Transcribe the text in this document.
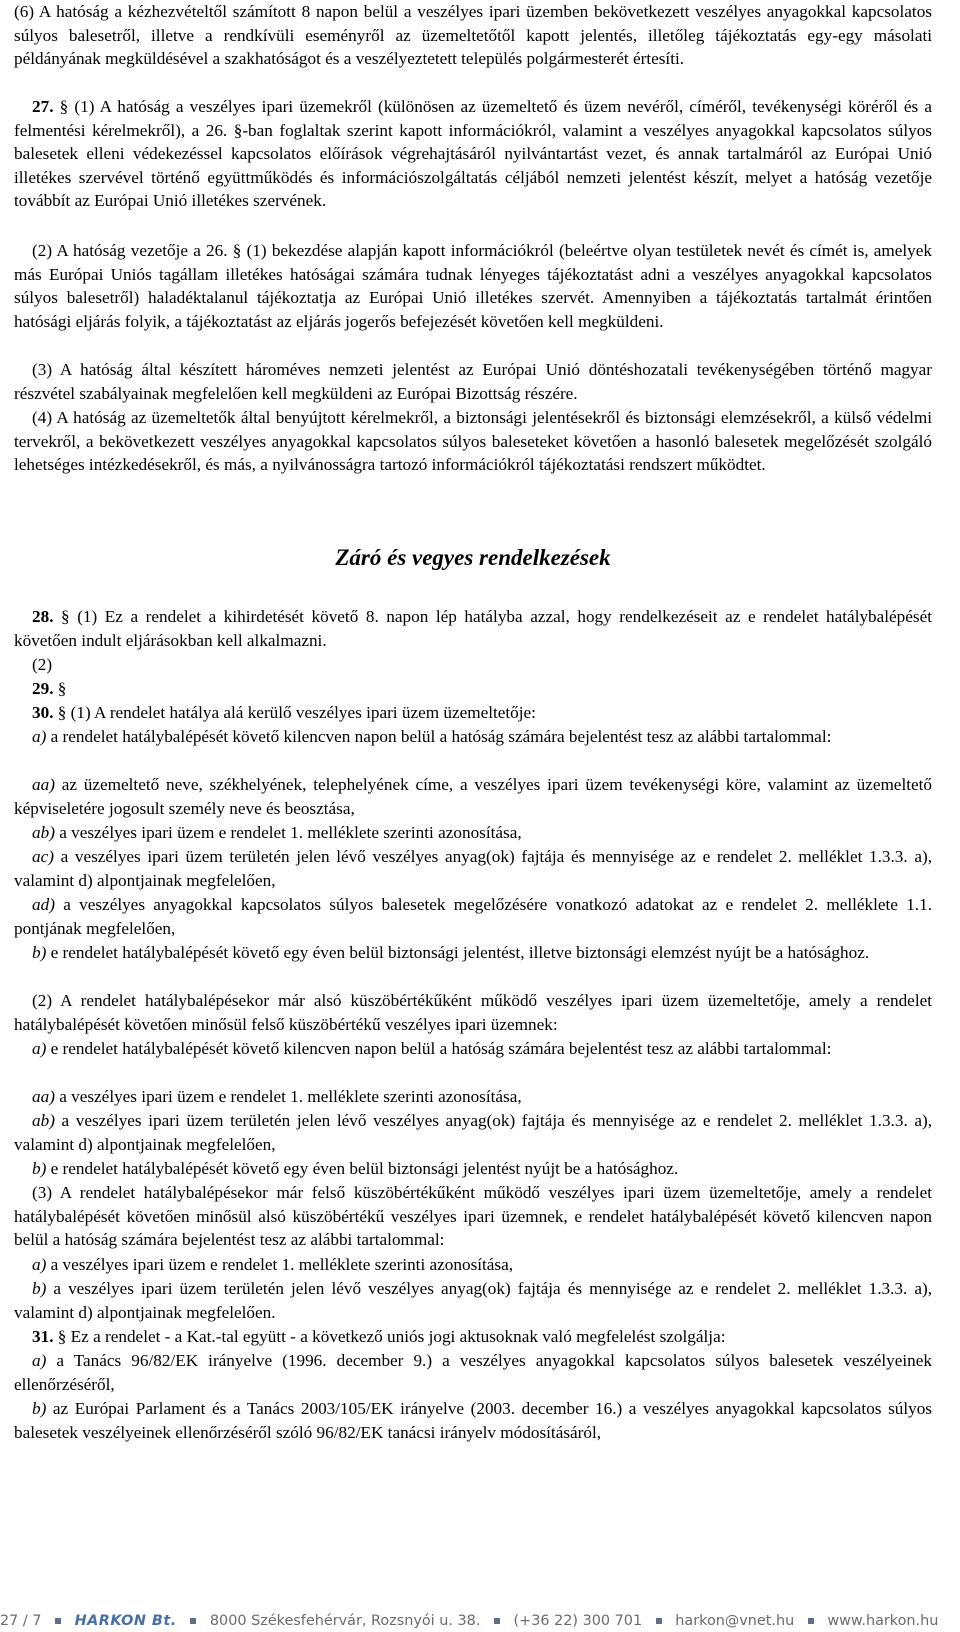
(6) A hatóság a kézhezvételtől számított 8 napon belül a veszélyes ipari üzemben bekövetkezett veszélyes anyagokkal kapcsolatos súlyos balesetről, illetve a rendkívüli eseményről az üzemeltetőtől kapott jelentés, illetőleg tájékoztatás egy-egy másolati példányának megküldésével a szakhatóságot és a veszélyeztetett település polgármesterét értesíti.

27. § (1) A hatóság a veszélyes ipari üzemekről (különösen az üzemeltető és üzem nevéről, címéről, tevékenységi köréről és a felmentési kérelmekről), a 26. §-ban foglaltak szerint kapott információkról, valamint a veszélyes anyagokkal kapcsolatos súlyos balesetek elleni védekezéssel kapcsolatos előírások végrehajtásáról nyilvántartást vezet, és annak tartalmáról az Európai Unió illetékes szervével történő együttműködés és információszolgáltatás céljából nemzeti jelentést készít, melyet a hatóság vezetője továbbít az Európai Unió illetékes szervének.

(2) A hatóság vezetője a 26. § (1) bekezdése alapján kapott információkról (beleértve olyan testületek nevét és címét is, amelyek más Európai Uniós tagállam illetékes hatóságai számára tudnak lényeges tájékoztatást adni a veszélyes anyagokkal kapcsolatos súlyos balesetről) haladéktalanul tájékoztatja az Európai Unió illetékes szervét. Amennyiben a tájékoztatás tartalmát érintően hatósági eljárás folyik, a tájékoztatást az eljárás jogerős befejezését követően kell megküldeni.

(3) A hatóság által készített hároméves nemzeti jelentést az Európai Unió döntéshozatali tevékenységében történő magyar részvétel szabályainak megfelelően kell megküldeni az Európai Bizottság részére.

(4) A hatóság az üzemeltetők által benyújtott kérelmekről, a biztonsági jelentésekről és biztonsági elemzésekről, a külső védelmi tervekről, a bekövetkezett veszélyes anyagokkal kapcsolatos súlyos baleseteket követően a hasonló balesetek megelőzését szolgáló lehetséges intézkedésekről, és más, a nyilvánosságra tartozó információkról tájékoztatási rendszert működtet.

Záró és vegyes rendelkezések

28. § (1) Ez a rendelet a kihirdetését követő 8. napon lép hatályba azzal, hogy rendelkezéseit az e rendelet hatálybalépését követően indult eljárásokban kell alkalmazni.

(2)

29. §

30. § (1) A rendelet hatálya alá kerülő veszélyes ipari üzem üzemeltetője:

a) a rendelet hatálybalépését követő kilencven napon belül a hatóság számára bejelentést tesz az alábbi tartalommal:

aa) az üzemeltető neve, székhelyének, telephelyének címe, a veszélyes ipari üzem tevékenységi köre, valamint az üzemeltető képviseletére jogosult személy neve és beosztása,

ab) a veszélyes ipari üzem e rendelet 1. melléklete szerinti azonosítása,

ac) a veszélyes ipari üzem területén jelen lévő veszélyes anyag(ok) fajtája és mennyisége az e rendelet 2. melléklet 1.3.3. a), valamint d) alpontjainak megfelelően,

ad) a veszélyes anyagokkal kapcsolatos súlyos balesetek megelőzésére vonatkozó adatokat az e rendelet 2. melléklete 1.1. pontjának megfelelően,

b) e rendelet hatálybalépését követő egy éven belül biztonsági jelentést, illetve biztonsági elemzést nyújt be a hatósághoz.

(2) A rendelet hatálybalépésekor már alsó küszöbértékűként működő veszélyes ipari üzem üzemeltetője, amely a rendelet hatálybalépését követően minősül felső küszöbértékű veszélyes ipari üzemnek:

a) e rendelet hatálybalépését követő kilencven napon belül a hatóság számára bejelentést tesz az alábbi tartalommal:

aa) a veszélyes ipari üzem e rendelet 1. melléklete szerinti azonosítása,

ab) a veszélyes ipari üzem területén jelen lévő veszélyes anyag(ok) fajtája és mennyisége az e rendelet 2. melléklet 1.3.3. a), valamint d) alpontjainak megfelelően,

b) e rendelet hatálybalépését követő egy éven belül biztonsági jelentést nyújt be a hatósághoz.

(3) A rendelet hatálybalépésekor már felső küszöbértékűként működő veszélyes ipari üzem üzemeltetője, amely a rendelet hatálybalépését követően minősül alsó küszöbértékű veszélyes ipari üzemnek, e rendelet hatálybalépését követő kilencven napon belül a hatóság számára bejelentést tesz az alábbi tartalommal:

a) a veszélyes ipari üzem e rendelet 1. melléklete szerinti azonosítása,

b) a veszélyes ipari üzem területén jelen lévő veszélyes anyag(ok) fajtája és mennyisége az e rendelet 2. melléklet 1.3.3. a), valamint d) alpontjainak megfelelően.

31. § Ez a rendelet - a Kat.-tal együtt - a következő uniós jogi aktusoknak való megfelelést szolgálja:

a) a Tanács 96/82/EK irányelve (1996. december 9.) a veszélyes anyagokkal kapcsolatos súlyos balesetek veszélyeinek ellenőrzéséről,

b) az Európai Parlament és a Tanács 2003/105/EK irányelve (2003. december 16.) a veszélyes anyagokkal kapcsolatos súlyos balesetek veszélyeinek ellenőrzéséről szóló 96/82/EK tanácsi irányelv módosításáról,

27 / 7 HARKON Bt. 8000 Székesfehérvár, Rozsnyói u. 38. (+36 22) 300 701 harkon@vnet.hu www.harkon.hu
